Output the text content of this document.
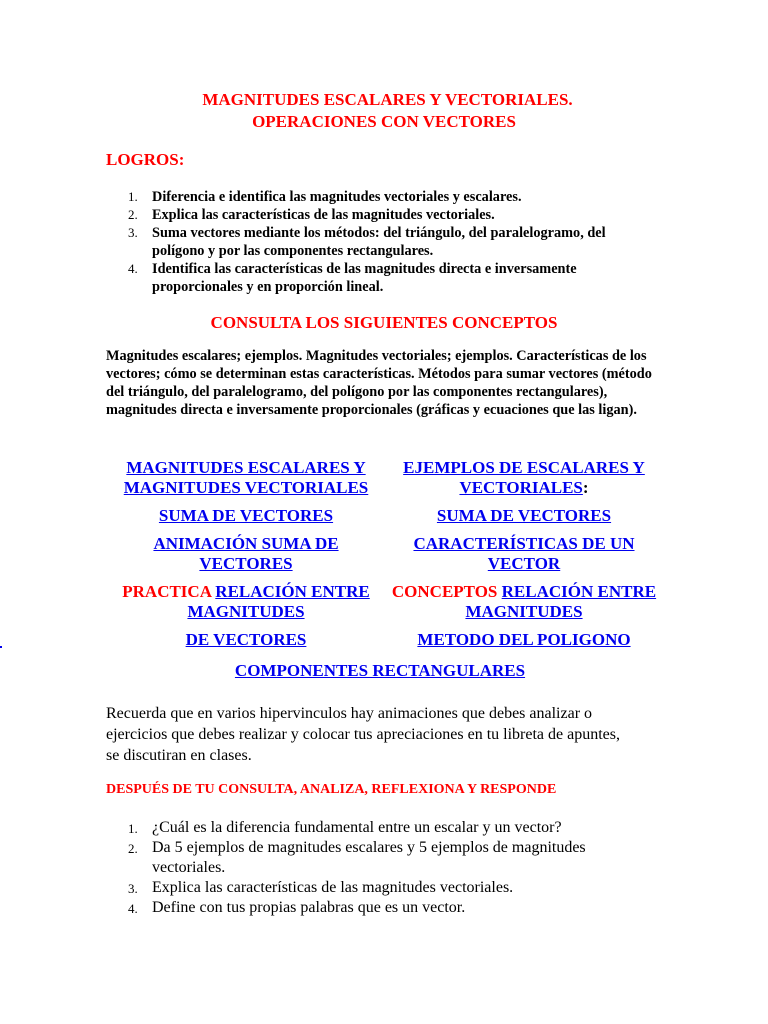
MAGNITUDES ESCALARES Y VECTORIALES.
OPERACIONES CON VECTORES
LOGROS:
1. Diferencia e identifica las magnitudes vectoriales y escalares.
2. Explica las características de las magnitudes vectoriales.
3. Suma vectores mediante los métodos: del triángulo, del paralelogramo, del polígono y por las componentes rectangulares.
4. Identifica las características de las magnitudes directa e inversamente proporcionales y en proporción lineal.
CONSULTA LOS SIGUIENTES CONCEPTOS
Magnitudes escalares; ejemplos. Magnitudes vectoriales; ejemplos. Características de los vectores; cómo se determinan estas características. Métodos para sumar vectores (método del triángulo, del paralelogramo, del polígono por las componentes rectangulares), magnitudes directa e inversamente proporcionales (gráficas y ecuaciones que las ligan).
MAGNITUDES ESCALARES Y MAGNITUDES VECTORIALES
EJEMPLOS DE ESCALARES Y VECTORIALES:
SUMA DE VECTORES	SUMA DE VECTORES
ANIMACIÓN SUMA DE VECTORES
CARACTERÍSTICAS DE UN VECTOR
PRACTICA RELACIÓN ENTRE MAGNITUDES
CONCEPTOS RELACIÓN ENTRE MAGNITUDES
DE VECTORES	METODO DEL POLIGONO
COMPONENTES RECTANGULARES
Recuerda que en varios hipervinculos hay animaciones que debes analizar o ejercicios que debes realizar y colocar tus apreciaciones en tu libreta de apuntes, se discutiran en clases.
DESPUÉS DE TU CONSULTA, ANALIZA, REFLEXIONA Y RESPONDE
1. ¿Cuál es la diferencia fundamental entre un escalar y un vector?
2. Da 5 ejemplos de magnitudes escalares y 5 ejemplos de magnitudes vectoriales.
3. Explica las características de las magnitudes vectoriales.
4. Define con tus propias palabras que es un vector.
